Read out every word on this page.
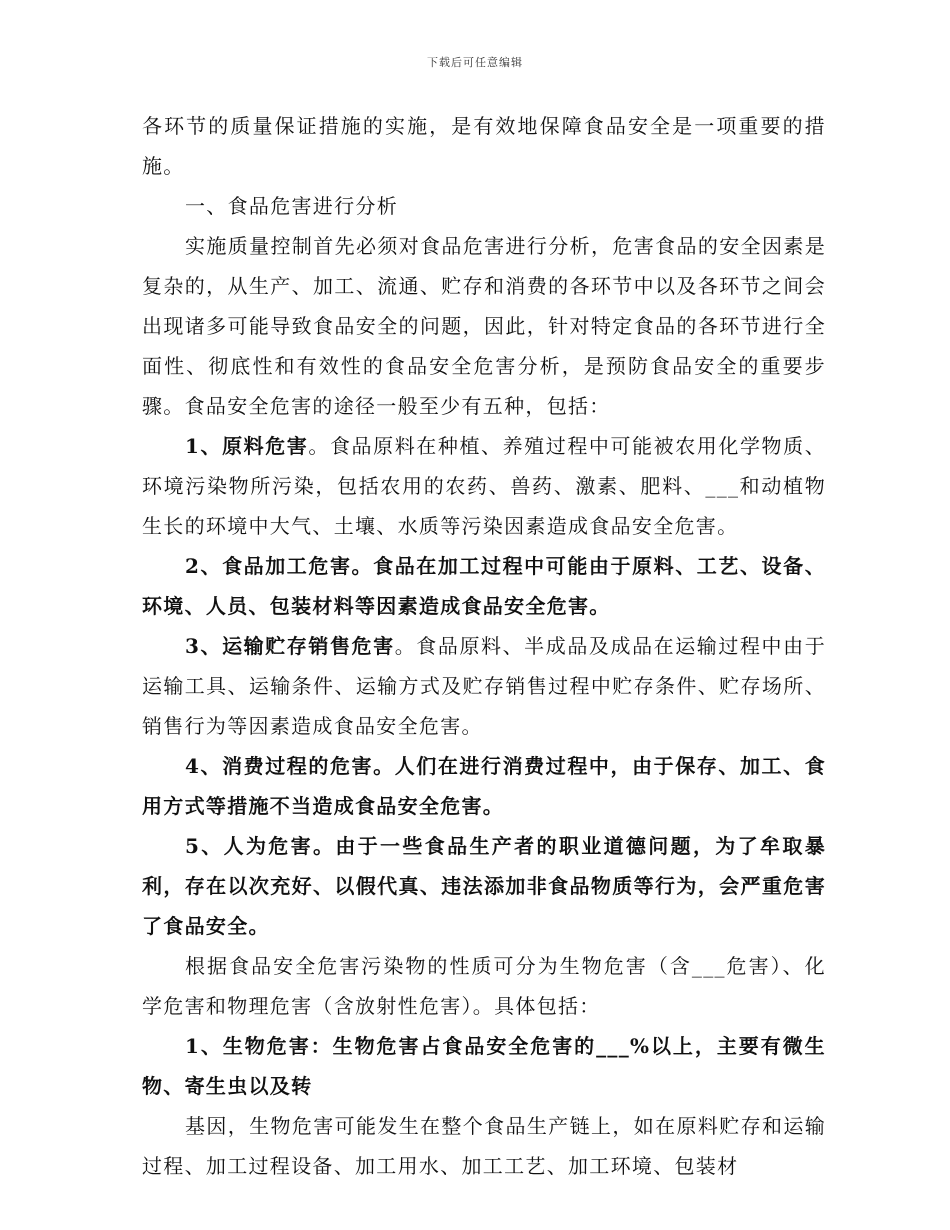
下载后可任意编辑

各环节的质量保证措施的实施，是有效地保障食品安全是一项重要的措施。

一、食品危害进行分析

实施质量控制首先必须对食品危害进行分析，危害食品的安全因素是复杂的，从生产、加工、流通、贮存和消费的各环节中以及各环节之间会出现诸多可能导致食品安全的问题，因此，针对特定食品的各环节进行全面性、彻底性和有效性的食品安全危害分析，是预防食品安全的重要步骤。食品安全危害的途径一般至少有五种，包括：

1、原料危害。食品原料在种植、养殖过程中可能被农用化学物质、环境污染物所污染，包括农用的农药、兽药、激素、肥料、___和动植物生长的环境中大气、土壤、水质等污染因素造成食品安全危害。

2、食品加工危害。食品在加工过程中可能由于原料、工艺、设备、环境、人员、包装材料等因素造成食品安全危害。

3、运输贮存销售危害。食品原料、半成品及成品在运输过程中由于运输工具、运输条件、运输方式及贮存销售过程中贮存条件、贮存场所、销售行为等因素造成食品安全危害。

4、消费过程的危害。人们在进行消费过程中，由于保存、加工、食用方式等措施不当造成食品安全危害。

5、人为危害。由于一些食品生产者的职业道德问题，为了牟取暴利，存在以次充好、以假代真、违法添加非食品物质等行为，会严重危害了食品安全。

根据食品安全危害污染物的性质可分为生物危害（含___危害）、化学危害和物理危害（含放射性危害）。具体包括：

1、生物危害：生物危害占食品安全危害的___%以上，主要有微生物、寄生虫以及转

基因，生物危害可能发生在整个食品生产链上，如在原料贮存和运输过程、加工过程设备、加工用水、加工工艺、加工环境、包装材
